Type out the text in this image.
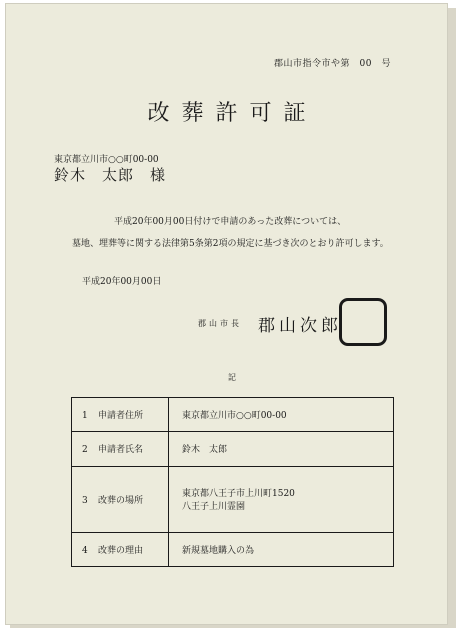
郡山市指令市や第　00　号
改葬許可証
東京都立川市○○町00-00
鈴木　太郎　様
平成20年00月00日付けで申請のあった改葬については、
墓地、埋葬等に関する法律第5条第2項の規定に基づき次のとおり許可します。
平成20年00月00日
郡山市長 郡山次郎
記
1 申請者住所	東京都立川市○○町00-00

2 申請者氏名	鈴木　太郎

3 改葬の場所	東京都八王子市上川町1520
八王子上川霊園

4 改葬の理由	新規墓地購入の為
